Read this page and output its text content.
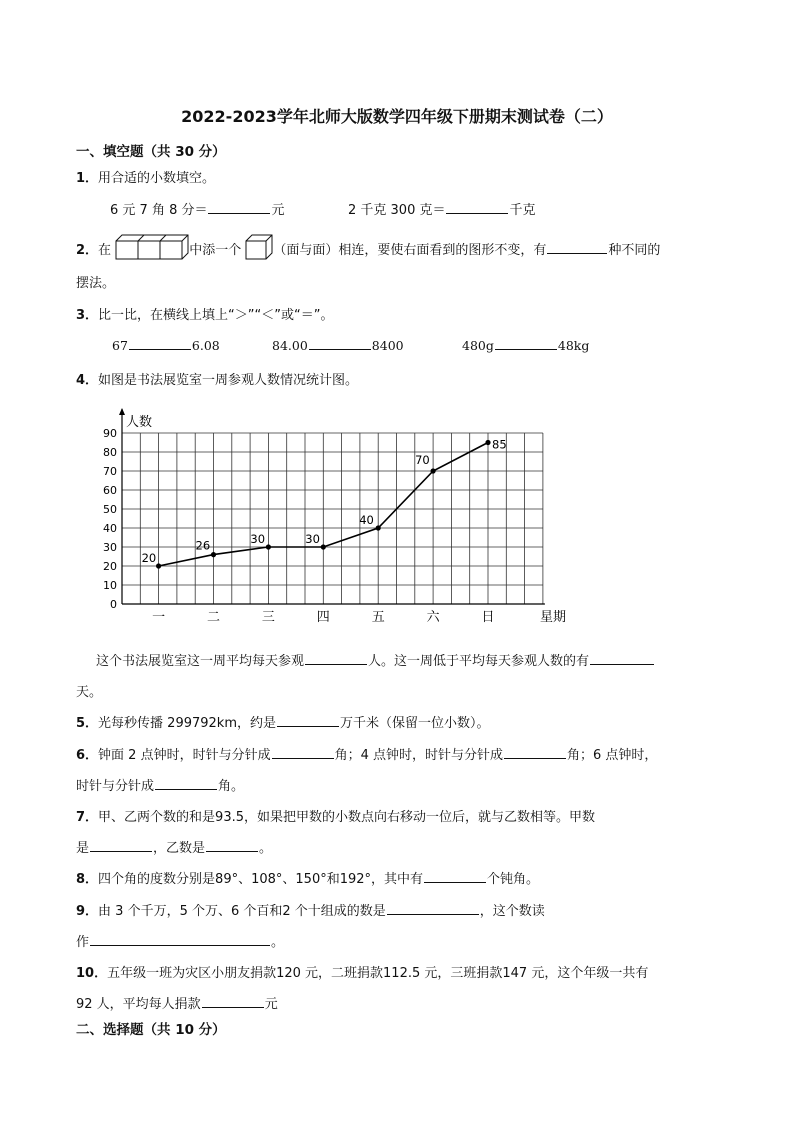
2022-2023学年北师大版数学四年级下册期末测试卷（二）
一、填空题（共 30 分）
1．用合适的小数填空。
6 元 7 角 8 分＝	元	2 千克 300 克＝	千克
2．在	中添一个 （面与面）相连，要使右面看到的图形不变，有	种不同的
摆法。
3．比一比，在横线上填上“＞”“＜”或“＝”。
67	6.08	84.00	8400	480g	48kg
4．如图是书法展览室一周参观人数情况统计图。
0
10
20
30
40
50
60
70
80
90
一	二	三	四	五	六	日
20
26	30	30
40
70
85
人数
星期
这个书法展览室这一周平均每天参观	人。这一周低于平均每天参观人数的有
天。
5．光每秒传播 299792km，约是	万千米（保留一位小数）。
6．钟面 2 点钟时，时针与分针成	角；4 点钟时，时针与分针成	角；6 点钟时，
时针与分针成	角。
7．甲、乙两个数的和是93.5，如果把甲数的小数点向右移动一位后，就与乙数相等。甲数
是	，乙数是	。
8．四个角的度数分别是89°、108°、150°和192°，其中有	个钝角。
9．由 3 个千万，5 个万、6 个百和2 个十组成的数是	，这个数读
作	。
10．五年级一班为灾区小朋友捐款120 元，二班捐款112.5 元，三班捐款147 元，这个年级一共有
92 人，平均每人捐款	元
二、选择题（共 10 分）
